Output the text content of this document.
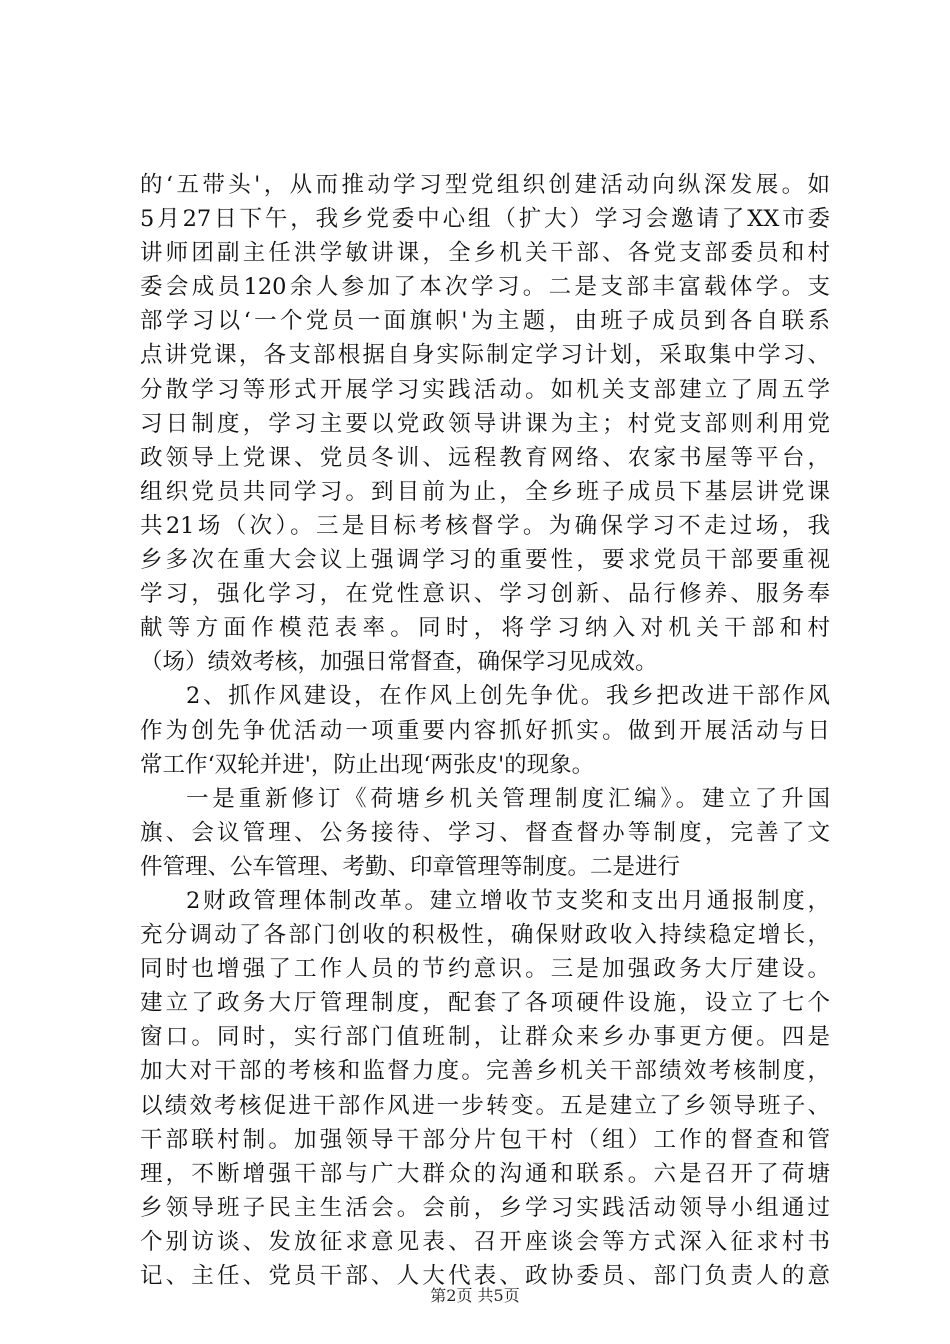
的‘五带头'，从而推动学习型党组织创建活动向纵深发展。如
5月27日下午，我乡党委中心组（扩大）学习会邀请了XX市委
讲师团副主任洪学敏讲课，全乡机关干部、各党支部委员和村
委会成员120余人参加了本次学习。二是支部丰富载体学。支
部学习以‘一个党员一面旗帜'为主题，由班子成员到各自联系
点讲党课，各支部根据自身实际制定学习计划，采取集中学习、
分散学习等形式开展学习实践活动。如机关支部建立了周五学
习日制度，学习主要以党政领导讲课为主；村党支部则利用党
政领导上党课、党员冬训、远程教育网络、农家书屋等平台，
组织党员共同学习。到目前为止，全乡班子成员下基层讲党课
共21场（次）。三是目标考核督学。为确保学习不走过场，我
乡多次在重大会议上强调学习的重要性，要求党员干部要重视
学习，强化学习，在党性意识、学习创新、品行修养、服务奉
献等方面作模范表率。同时，将学习纳入对机关干部和村
（场）绩效考核，加强日常督查，确保学习见成效。
2、抓作风建设，在作风上创先争优。我乡把改进干部作风
作为创先争优活动一项重要内容抓好抓实。做到开展活动与日
常工作‘双轮并进'，防止出现‘两张皮'的现象。
一是重新修订《荷塘乡机关管理制度汇编》。建立了升国
旗、会议管理、公务接待、学习、督查督办等制度，完善了文
件管理、公车管理、考勤、印章管理等制度。二是进行
2财政管理体制改革。建立增收节支奖和支出月通报制度，
充分调动了各部门创收的积极性，确保财政收入持续稳定增长，
同时也增强了工作人员的节约意识。三是加强政务大厅建设。
建立了政务大厅管理制度，配套了各项硬件设施，设立了七个
窗口。同时，实行部门值班制，让群众来乡办事更方便。四是
加大对干部的考核和监督力度。完善乡机关干部绩效考核制度，
以绩效考核促进干部作风进一步转变。五是建立了乡领导班子、
干部联村制。加强领导干部分片包干村（组）工作的督查和管
理，不断增强干部与广大群众的沟通和联系。六是召开了荷塘
乡领导班子民主生活会。会前，乡学习实践活动领导小组通过
个别访谈、发放征求意见表、召开座谈会等方式深入征求村书
记、主任、党员干部、人大代表、政协委员、部门负责人的意
第2页 共5页
